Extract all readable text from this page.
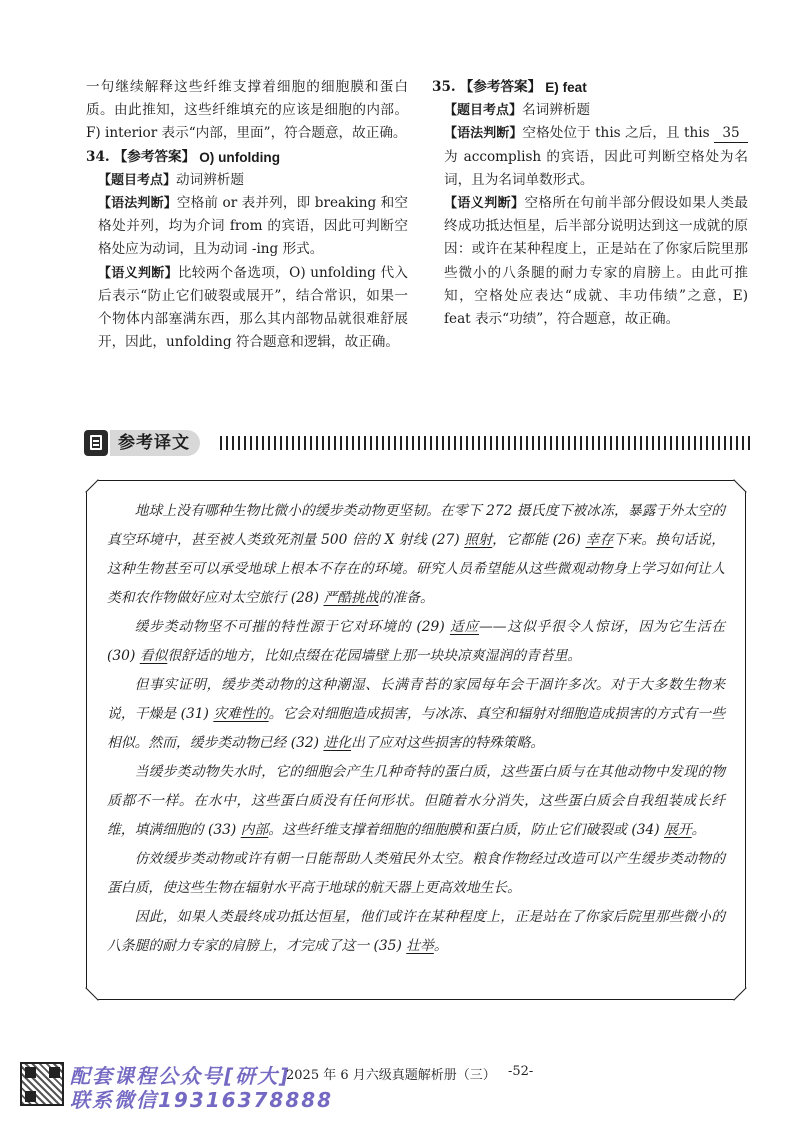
一句继续解释这些纤维支撑着细胞的细胞膜和蛋白质。由此推知，这些纤维填充的应该是细胞的内部。F) interior 表示“内部，里面”，符合题意，故正确。
34. 【参考答案】 O) unfolding
【题目考点】动词辨析题
【语法判断】空格前 or 表并列，即 breaking 和空格处并列，均为介词 from 的宾语，因此可判断空格处应为动词，且为动词 -ing 形式。
【语义判断】比较两个备选项，O) unfolding 代入后表示“防止它们破裂或展开”，结合常识，如果一个物体内部塞满东西，那么其内部物品就很难舒展开，因此，unfolding 符合题意和逻辑，故正确。
35. 【参考答案】 E) feat
【题目考点】名词辨析题
【语法判断】空格处位于 this 之后，且 this 35 为 accomplish 的宾语，因此可判断空格处为名词，且为名词单数形式。
【语义判断】空格所在句前半部分假设如果人类最终成功抵达恒星，后半部分说明达到这一成就的原因：或许在某种程度上，正是站在了你家后院里那些微小的八条腿的耐力专家的肩膀上。由此可推知，空格处应表达“成就、丰功伟绩”之意，E) feat 表示“功绩”，符合题意，故正确。
参考译文

地球上没有哪种生物比微小的缓步类动物更坚韧。在零下 272 摄氏度下被冰冻，暴露于外太空的真空环境中，甚至被人类致死剂量 500 倍的 X 射线 (27) 照射，它都能 (26) 幸存下来。换句话说，这种生物甚至可以承受地球上根本不存在的环境。研究人员希望能从这些微观动物身上学习如何让人类和农作物做好应对太空旅行 (28) 严酷挑战的准备。

缓步类动物坚不可摧的特性源于它对环境的 (29) 适应——这似乎很令人惊讶，因为它生活在 (30) 看似很舒适的地方，比如点缀在花园墙壁上那一块块凉爽湿润的青苔里。

但事实证明，缓步类动物的这种潮湿、长满青苔的家园每年会干涸许多次。对于大多数生物来说，干燥是 (31) 灾难性的。它会对细胞造成损害，与冰冻、真空和辐射对细胞造成损害的方式有一些相似。然而，缓步类动物已经 (32) 进化出了应对这些损害的特殊策略。

当缓步类动物失水时，它的细胞会产生几种奇特的蛋白质，这些蛋白质与在其他动物中发现的物质都不一样。在水中，这些蛋白质没有任何形状。但随着水分消失，这些蛋白质会自我组装成长纤维，填满细胞的 (33) 内部。这些纤维支撑着细胞的细胞膜和蛋白质，防止它们破裂或 (34) 展开。

仿效缓步类动物或许有朝一日能帮助人类殖民外太空。粮食作物经过改造可以产生缓步类动物的蛋白质，使这些生物在辐射水平高于地球的航天器上更高效地生长。

因此，如果人类最终成功抵达恒星，他们或许在某种程度上，正是站在了你家后院里那些微小的八条腿的耐力专家的肩膀上，才完成了这一 (35) 壮举。

配套课程公众号[研大]
联系微信19316378888
2025 年 6 月六级真题解析册（三） -52-
